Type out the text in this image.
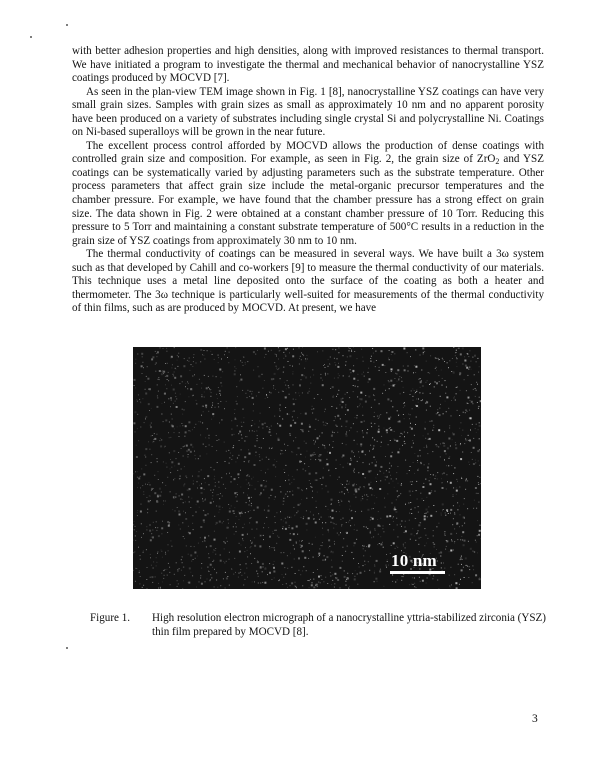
with better adhesion properties and high densities, along with improved resistances to thermal transport. We have initiated a program to investigate the thermal and mechanical behavior of nanocrystalline YSZ coatings produced by MOCVD [7].

As seen in the plan-view TEM image shown in Fig. 1 [8], nanocrystalline YSZ coatings can have very small grain sizes. Samples with grain sizes as small as approximately 10 nm and no apparent porosity have been produced on a variety of substrates including single crystal Si and polycrystalline Ni. Coatings on Ni-based superalloys will be grown in the near future.

The excellent process control afforded by MOCVD allows the production of dense coatings with controlled grain size and composition. For example, as seen in Fig. 2, the grain size of ZrO$_2$ and YSZ coatings can be systematically varied by adjusting parameters such as the substrate temperature. Other process parameters that affect grain size include the metal-organic precursor temperatures and the chamber pressure. For example, we have found that the chamber pressure has a strong effect on grain size. The data shown in Fig. 2 were obtained at a constant chamber pressure of 10 Torr. Reducing this pressure to 5 Torr and maintaining a constant substrate temperature of 500°C results in a reduction in the grain size of YSZ coatings from approximately 30 nm to 10 nm.

The thermal conductivity of coatings can be measured in several ways. We have built a 3ω system such as that developed by Cahill and co-workers [9] to measure the thermal conductivity of our materials. This technique uses a metal line deposited onto the surface of the coating as both a heater and thermometer. The 3ω technique is particularly well-suited for measurements of the thermal conductivity of thin films, such as are produced by MOCVD. At present, we have

10 nm
Figure 1. High resolution electron micrograph of a nanocrystalline yttria-stabilized zirconia (YSZ) thin film prepared by MOCVD [8].
3
